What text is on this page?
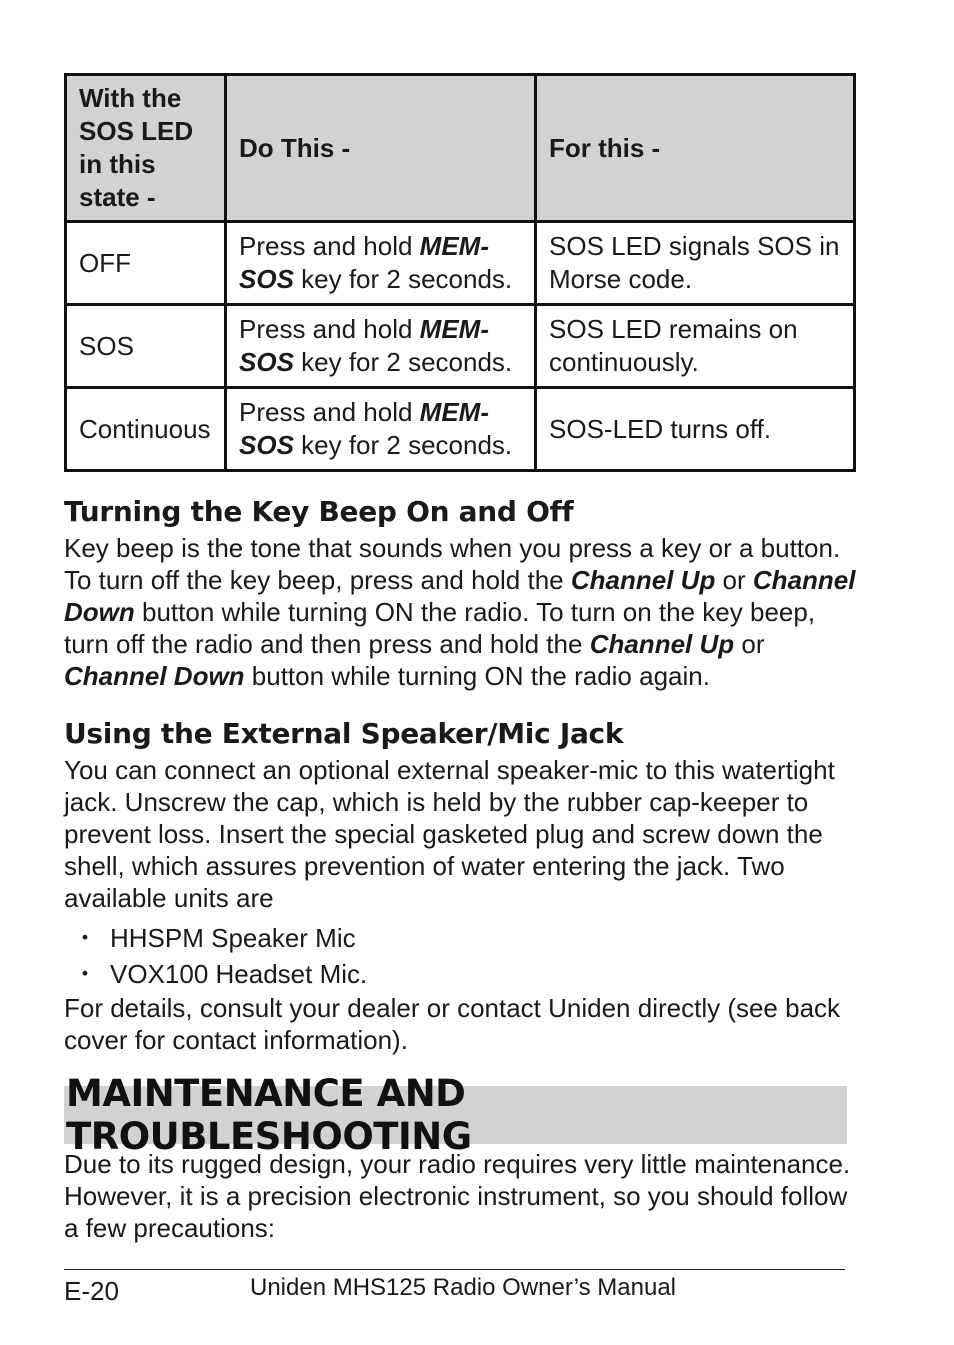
With the SOS LED in this state -	Do This -	For this -
OFF	Press and hold MEM-SOS key for 2 seconds.	SOS LED signals SOS in Morse code.
SOS	Press and hold MEM-SOS key for 2 seconds.	SOS LED remains on continuously.
Continuous	Press and hold MEM-SOS key for 2 seconds.	SOS-LED turns off.
Turning the Key Beep On and Off

Key beep is the tone that sounds when you press a key or a button. To turn off the key beep, press and hold the Channel Up or Channel Down button while turning ON the radio. To turn on the key beep, turn off the radio and then press and hold the Channel Up or Channel Down button while turning ON the radio again.

Using the External Speaker/Mic Jack

You can connect an optional external speaker-mic to this watertight jack. Unscrew the cap, which is held by the rubber cap-keeper to prevent loss. Insert the special gasketed plug and screw down the shell, which assures prevention of water entering the jack. Two available units are

・ HHSPM Speaker Mic
・ VOX100 Headset Mic.

For details, consult your dealer or contact Uniden directly (see back cover for contact information).

MAINTENANCE AND TROUBLESHOOTING

Due to its rugged design, your radio requires very little maintenance. However, it is a precision electronic instrument, so you should follow a few precautions:

E-20	Uniden MHS125 Radio Owner’s Manual
